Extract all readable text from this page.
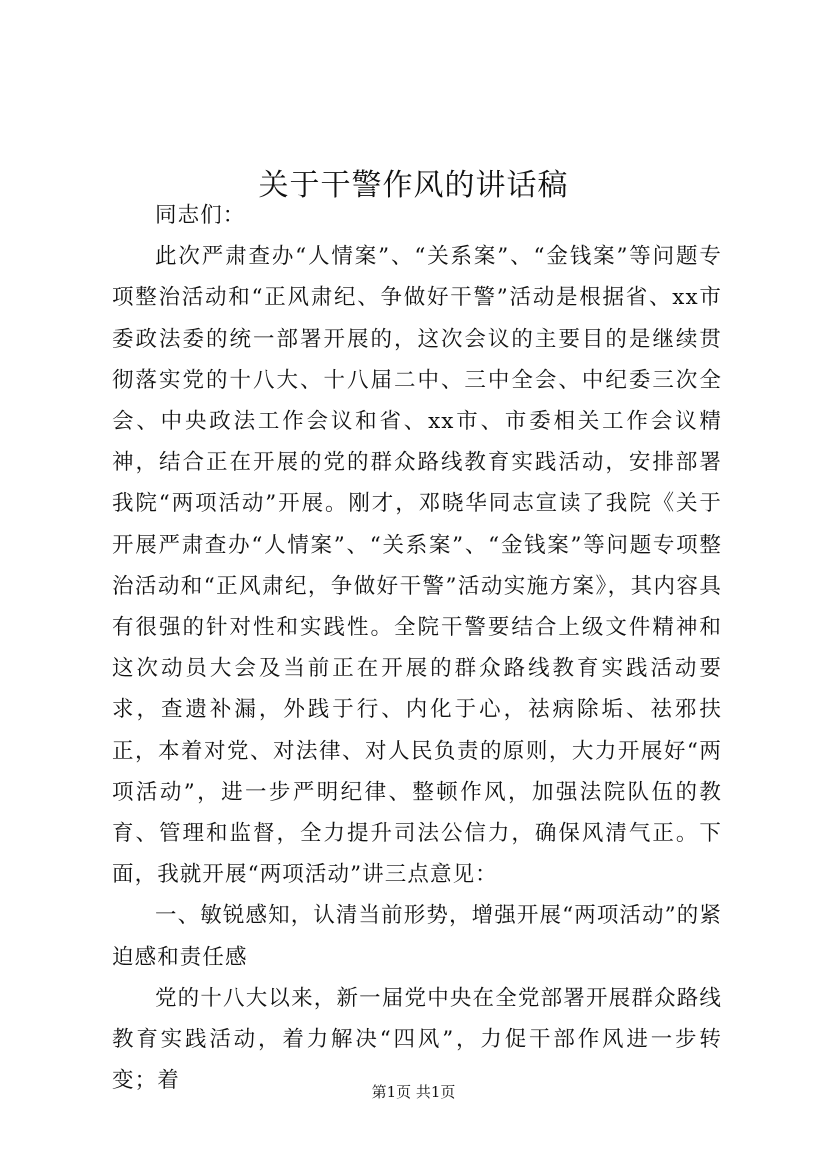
关于干警作风的讲话稿

同志们：

此次严肃查办“人情案”、“关系案”、“金钱案”等问题专项整治活动和“正风肃纪、争做好干警”活动是根据省、xx市委政法委的统一部署开展的，这次会议的主要目的是继续贯彻落实党的十八大、十八届二中、三中全会、中纪委三次全会、中央政法工作会议和省、xx市、市委相关工作会议精神，结合正在开展的党的群众路线教育实践活动，安排部署我院“两项活动”开展。刚才，邓晓华同志宣读了我院《关于开展严肃查办“人情案”、“关系案”、“金钱案”等问题专项整治活动和“正风肃纪，争做好干警”活动实施方案》，其内容具有很强的针对性和实践性。全院干警要结合上级文件精神和这次动员大会及当前正在开展的群众路线教育实践活动要求，查遗补漏，外践于行、内化于心，祛病除垢、祛邪扶正，本着对党、对法律、对人民负责的原则，大力开展好“两项活动”，进一步严明纪律、整顿作风，加强法院队伍的教育、管理和监督，全力提升司法公信力，确保风清气正。下面，我就开展“两项活动”讲三点意见：

一、敏锐感知，认清当前形势，增强开展“两项活动”的紧迫感和责任感

党的十八大以来，新一届党中央在全党部署开展群众路线教育实践活动，着力解决“四风”，力促干部作风进一步转变；着	第1页 共1页
